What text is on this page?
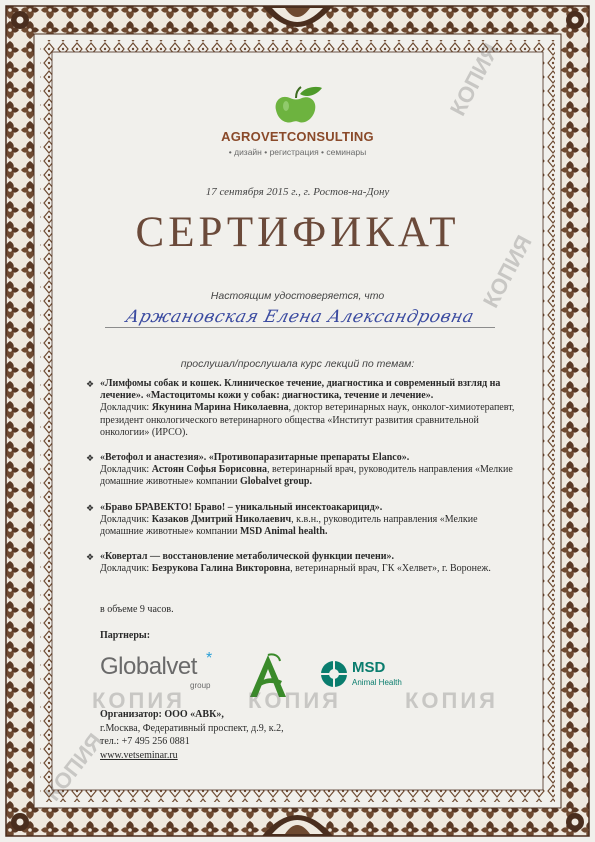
AGROVETCONSULTING
• дизайн • регистрация • семинары
17 сентября 2015 г., г. Ростов-на-Дону
СЕРТИФИКАТ
Настоящим удостоверяется, что
Аржановская Елена Александровна
прослушал/прослушала курс лекций по темам:
❖ «Лимфомы собак и кошек. Клиническое течение, диагностика и современный взгляд на лечение». «Мастоцитомы кожи у собак: диагностика, течение и лечение».
Докладчик: Якунина Марина Николаевна, доктор ветеринарных наук, онколог-химиотерапевт, президент онкологического ветеринарного общества «Институт развития сравнительной онкологии» (ИРСО).
❖ «Ветофол и анастезия». «Противопаразитарные препараты Elanco».
Докладчик: Астоян Софья Борисовна, ветеринарный врач, руководитель направления «Мелкие домашние животные» компании Globalvet group.
❖ «Браво БРАВЕКТО! Браво! – уникальный инсектоакарицид».
Докладчик: Казаков Дмитрий Николаевич, к.в.н., руководитель направления «Мелкие домашние животные» компании MSD Animal health.
❖ «Ковертал — восстановление метаболической функции печени».
Докладчик: Безрукова Галина Викторовна, ветеринарный врач, ГК «Хелвет», г. Воронеж.
в объеме 9 часов.
Партнеры:
Globalvet *
group
MSD
Animal Health
Организатор: ООО «АВК»,
г.Москва, Федеративный проспект, д.9, к.2,
тел.: +7 495 256 0881
www.vetseminar.ru
КОПИЯ
КОПИЯ
КОПИЯ	КОПИЯ	КОПИЯ
КОПИЯ
